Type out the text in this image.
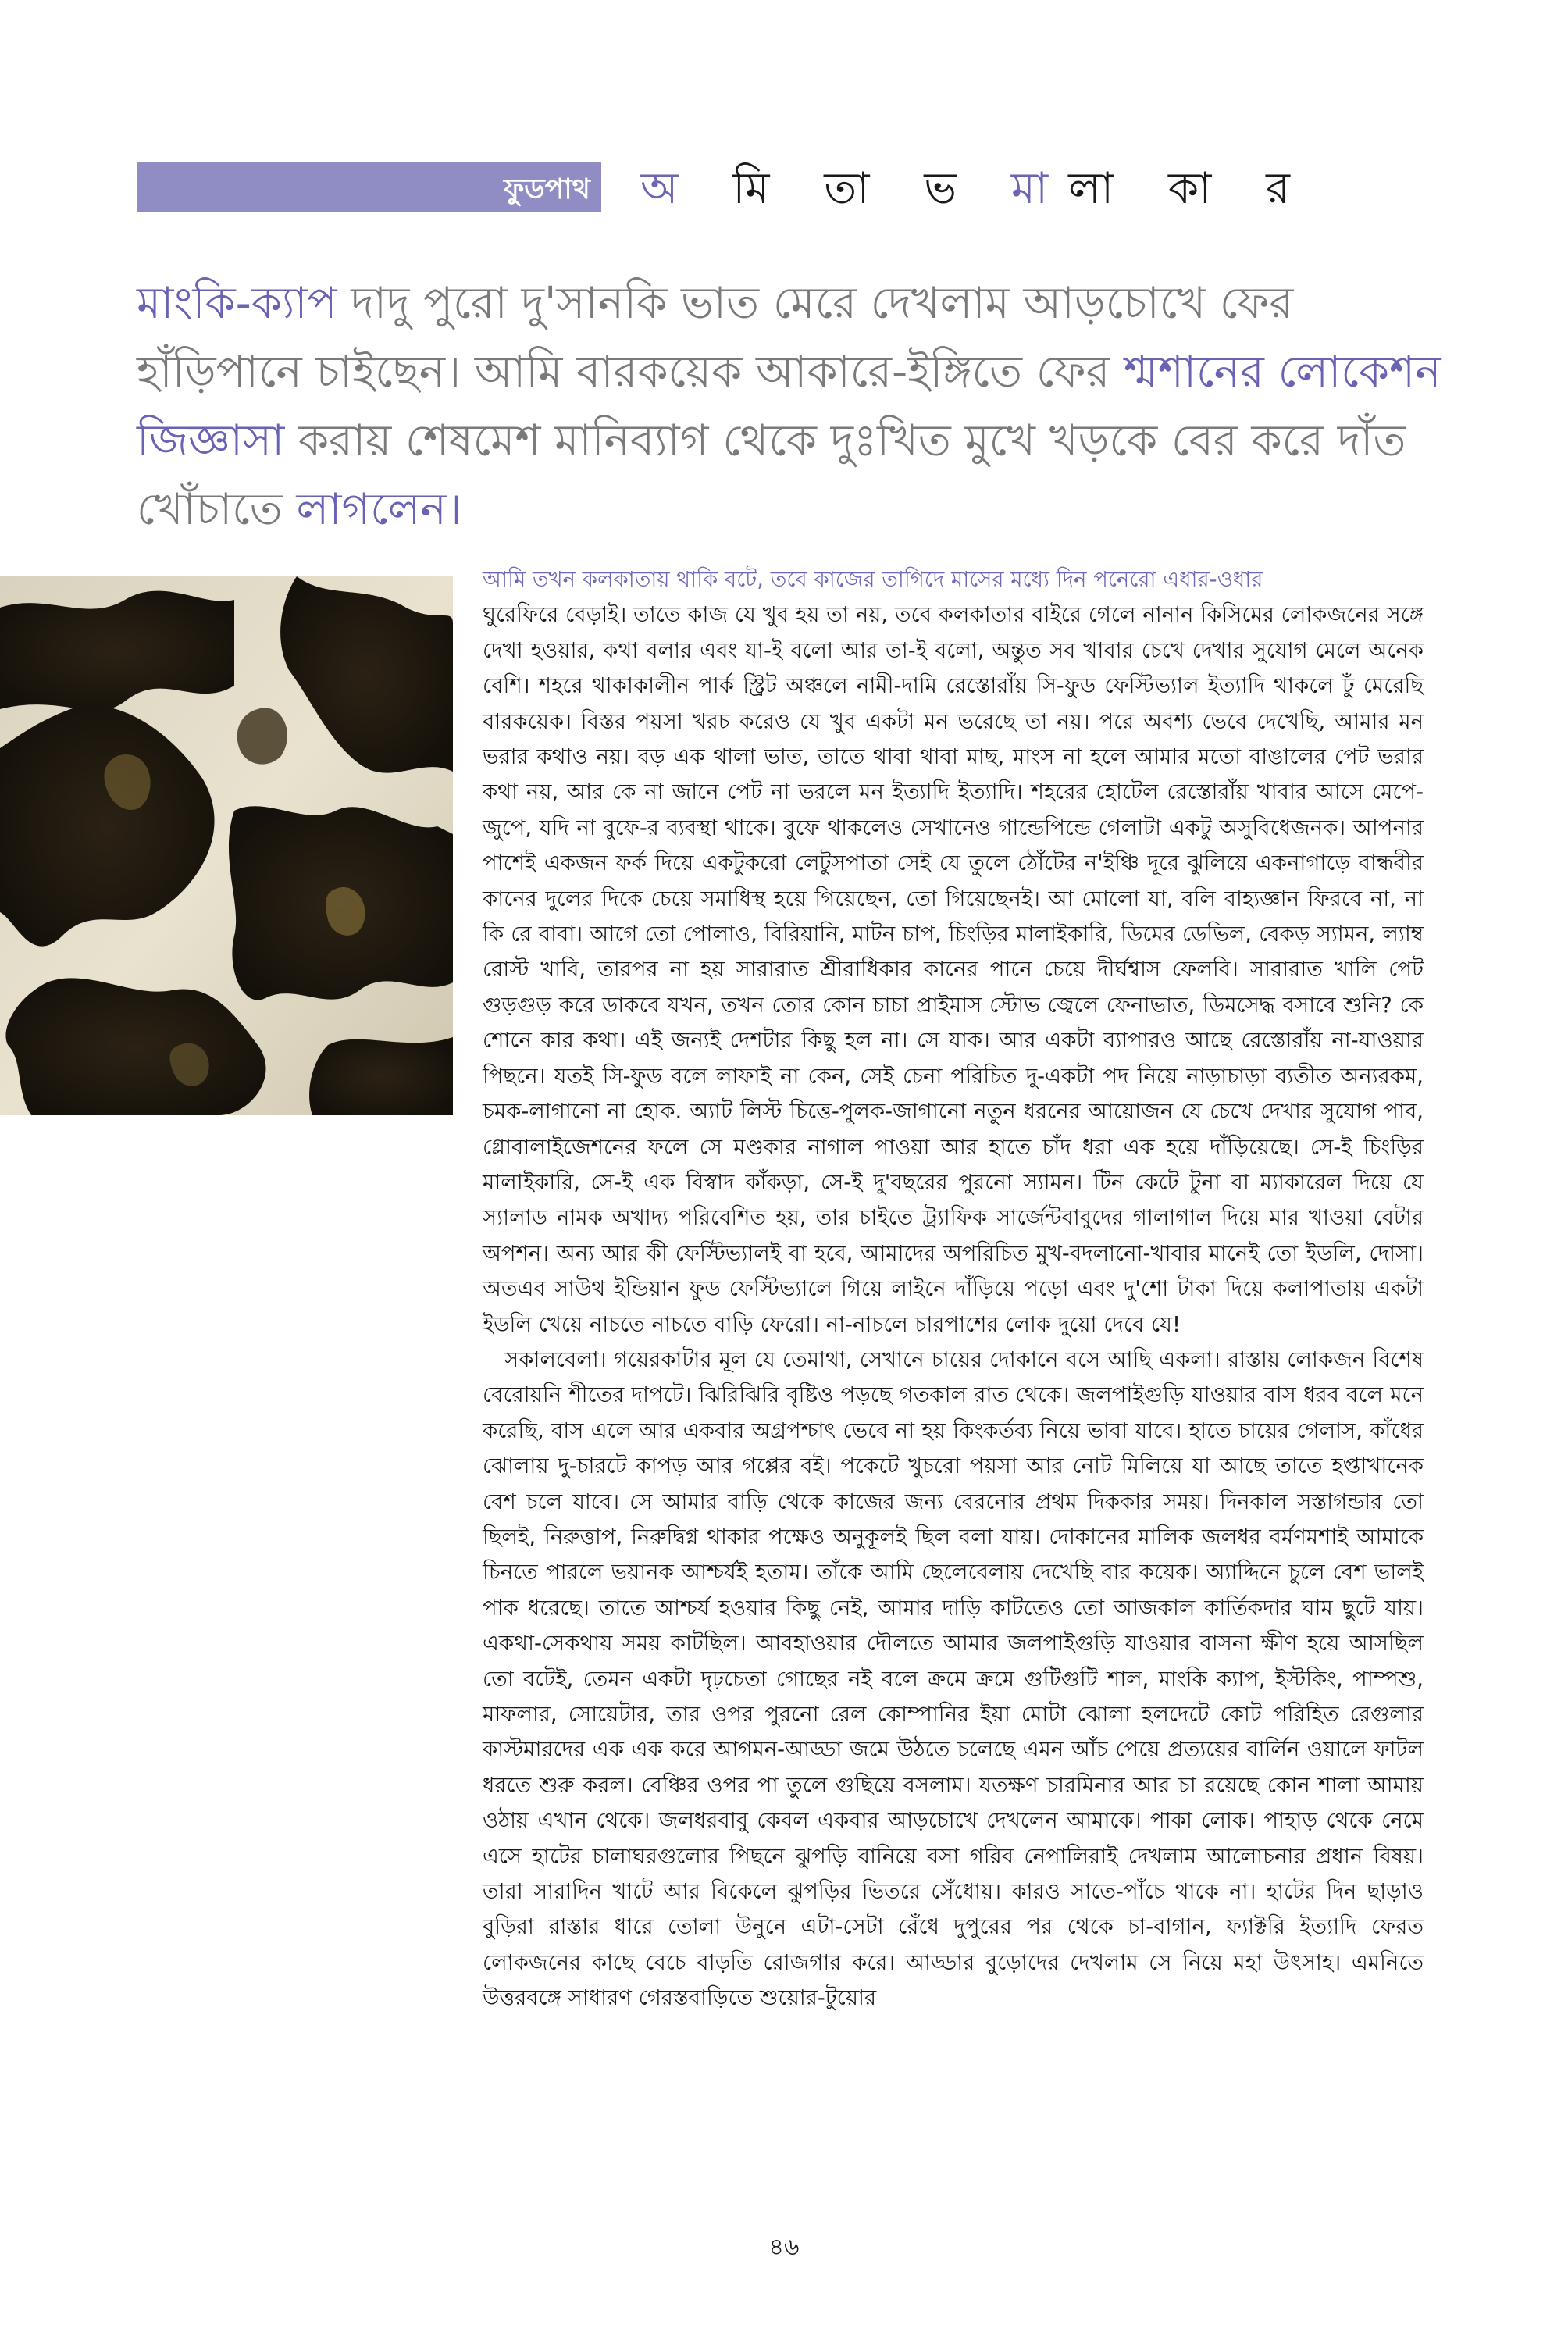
ফুডপাথ অ মি তা ভ মালা কা র

মাংকি-ক্যাপ দাদু পুরো দু'সানকি ভাত মেরে দেখলাম আড়চোখে ফের হাঁড়িপানে চাইছেন। আমি বারকয়েক আকারে-ইঙ্গিতে ফের শ্মশানের লোকেশন জিজ্ঞাসা করায় শেষমেশ মানিব্যাগ থেকে দুঃখিত মুখে খড়কে বের করে দাঁত খোঁচাতে লাগলেন।

আমি তখন কলকাতায় থাকি বটে, তবে কাজের তাগিদে মাসের মধ্যে দিন পনেরো এধার-ওধার

ঘুরেফিরে বেড়াই। তাতে কাজ যে খুব হয় তা নয়, তবে কলকাতার বাইরে গেলে নানান কিসিমের লোকজনের সঙ্গে দেখা হওয়ার, কথা বলার এবং যা-ই বলো আর তা-ই বলো, অন্তুত সব খাবার চেখে দেখার সুযোগ মেলে অনেক বেশি। শহরে থাকাকালীন পার্ক স্ট্রিট অঞ্চলে নামী-দামি রেস্তোরাঁয় সি-ফুড ফেস্টিভ্যাল ইত্যাদি থাকলে ঢুঁ মেরেছি বারকয়েক। বিস্তর পয়সা খরচ করেও যে খুব একটা মন ভরেছে তা নয়। পরে অবশ্য ভেবে দেখেছি, আমার মন ভরার কথাও নয়। বড় এক থালা ভাত, তাতে থাবা থাবা মাছ, মাংস না হলে আমার মতো বাঙালের পেট ভরার কথা নয়, আর কে না জানে পেট না ভরলে মন ইত্যাদি ইত্যাদি। শহরের হোটেল রেস্তোরাঁয় খাবার আসে মেপে-জুপে, যদি না বুফে-র ব্যবস্থা থাকে। বুফে থাকলেও সেখানেও গান্ডেপিন্ডে গেলাটা একটু অসুবিধেজনক। আপনার পাশেই একজন ফর্ক দিয়ে একটুকরো লেটুসপাতা সেই যে তুলে ঠোঁটের ন'ইঞ্চি দূরে ঝুলিয়ে একনাগাড়ে বান্ধবীর কানের দুলের দিকে চেয়ে সমাধিস্থ হয়ে গিয়েছেন, তো গিয়েছেনই। আ মোলো যা, বলি বাহ্যজ্ঞান ফিরবে না, না কি রে বাবা। আগে তো পোলাও, বিরিয়ানি, মাটন চাপ, চিংড়ির মালাইকারি, ডিমের ডেভিল, বেকড় স্যামন, ল্যাম্ব রোস্ট খাবি, তারপর না হয় সারারাত শ্রীরাধিকার কানের পানে চেয়ে দীর্ঘশ্বাস ফেলবি। সারারাত খালি পেট গুড়গুড় করে ডাকবে যখন, তখন তোর কোন চাচা প্রাইমাস স্টোভ জ্বেলে ফেনাভাত, ডিমসেদ্ধ বসাবে শুনি? কে শোনে কার কথা। এই জন্যই দেশটার কিছু হল না। সে যাক। আর একটা ব্যাপারও আছে রেস্তোরাঁয় না-যাওয়ার পিছনে। যতই সি-ফুড বলে লাফাই না কেন, সেই চেনা পরিচিত দু-একটা পদ নিয়ে নাড়াচাড়া ব্যতীত অন্যরকম, চমক-লাগানো না হোক. অ্যাট লিস্ট চিত্তে-পুলক-জাগানো নতুন ধরনের আয়োজন যে চেখে দেখার সুযোগ পাব, গ্লোবালাইজেশনের ফলে সে মণ্ডকার নাগাল পাওয়া আর হাতে চাঁদ ধরা এক হয়ে দাঁড়িয়েছে। সে-ই চিংড়ির মালাইকারি, সে-ই এক বিস্বাদ কাঁকড়া, সে-ই দু'বছরের পুরনো স্যামন। টিন কেটে টুনা বা ম্যাকারেল দিয়ে যে স্যালাড নামক অখাদ্য পরিবেশিত হয়, তার চাইতে ট্র্যাফিক সার্জেন্টবাবুদের গালাগাল দিয়ে মার খাওয়া বেটার অপশন। অন্য আর কী ফেস্টিভ্যালই বা হবে, আমাদের অপরিচিত মুখ-বদলানো-খাবার মানেই তো ইডলি, দোসা। অতএব সাউথ ইন্ডিয়ান ফুড ফেস্টিভ্যালে গিয়ে লাইনে দাঁড়িয়ে পড়ো এবং দু'শো টাকা দিয়ে কলাপাতায় একটা ইডলি খেয়ে নাচতে নাচতে বাড়ি ফেরো। না-নাচলে চারপাশের লোক দুয়ো দেবে যে!

সকালবেলা। গয়েরকাটার মূল যে তেমাথা, সেখানে চায়ের দোকানে বসে আছি একলা। রাস্তায় লোকজন বিশেষ বেরোয়নি শীতের দাপটে। ঝিরিঝিরি বৃষ্টিও পড়ছে গতকাল রাত থেকে। জলপাইগুড়ি যাওয়ার বাস ধরব বলে মনে করেছি, বাস এলে আর একবার অগ্রপশ্চাৎ ভেবে না হয় কিংকর্তব্য নিয়ে ভাবা যাবে। হাতে চায়ের গেলাস, কাঁধের ঝোলায় দু-চারটে কাপড় আর গপ্পের বই। পকেটে খুচরো পয়সা আর নোট মিলিয়ে যা আছে তাতে হপ্তাখানেক বেশ চলে যাবে। সে আমার বাড়ি থেকে কাজের জন্য বেরনোর প্রথম দিককার সময়। দিনকাল সস্তাগন্ডার তো ছিলই, নিরুত্তাপ, নিরুদ্বিগ্ন থাকার পক্ষেও অনুকূলই ছিল বলা যায়। দোকানের মালিক জলধর বর্মণমশাই আমাকে চিনতে পারলে ভয়ানক আশ্চর্যই হতাম। তাঁকে আমি ছেলেবেলায় দেখেছি বার কয়েক। অ্যাদ্দিনে চুলে বেশ ভালই পাক ধরেছে। তাতে আশ্চর্য হওয়ার কিছু নেই, আমার দাড়ি কাটতেও তো আজকাল কার্তিকদার ঘাম ছুটে যায়। একথা-সেকথায় সময় কাটছিল। আবহাওয়ার দৌলতে আমার জলপাইগুড়ি যাওয়ার বাসনা ক্ষীণ হয়ে আসছিল তো বটেই, তেমন একটা দৃঢ়চেতা গোছের নই বলে ক্রমে ক্রমে গুটিগুটি শাল, মাংকি ক্যাপ, ইস্টকিং, পাম্পশু, মাফলার, সোয়েটার, তার ওপর পুরনো রেল কোম্পানির ইয়া মোটা ঝোলা হলদেটে কোট পরিহিত রেগুলার কাস্টমারদের এক এক করে আগমন-আড্ডা জমে উঠতে চলেছে এমন আঁচ পেয়ে প্রত্যয়ের বার্লিন ওয়ালে ফাটল ধরতে শুরু করল। বেঞ্চির ওপর পা তুলে গুছিয়ে বসলাম। যতক্ষণ চারমিনার আর চা রয়েছে কোন শালা আমায় ওঠায় এখান থেকে। জলধরবাবু কেবল একবার আড়চোখে দেখলেন আমাকে। পাকা লোক। পাহাড় থেকে নেমে এসে হাটের চালাঘরগুলোর পিছনে ঝুপড়ি বানিয়ে বসা গরিব নেপালিরাই দেখলাম আলোচনার প্রধান বিষয়। তারা সারাদিন খাটে আর বিকেলে ঝুপড়ির ভিতরে সেঁধোয়। কারও সাতে-পাঁচে থাকে না। হাটের দিন ছাড়াও বুড়িরা রাস্তার ধারে তোলা উনুনে এটা-সেটা রেঁধে দুপুরের পর থেকে চা-বাগান, ফ্যাক্টরি ইত্যাদি ফেরত লোকজনের কাছে বেচে বাড়তি রোজগার করে। আড্ডার বুড়োদের দেখলাম সে নিয়ে মহা উৎসাহ। এমনিতে উত্তরবঙ্গে সাধারণ গেরস্তবাড়িতে শুয়োর-টুয়োর

৪৬
